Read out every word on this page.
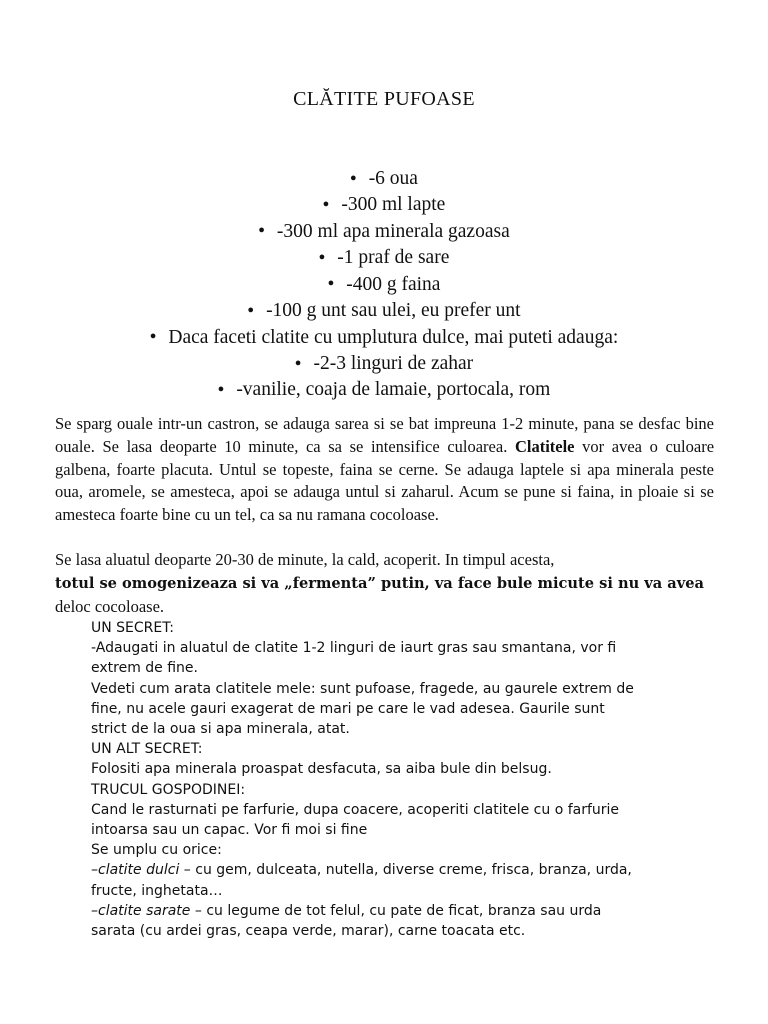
CLĂTITE PUFOASE
● -6 oua
● -300 ml lapte
● -300 ml apa minerala gazoasa
● -1 praf de sare
● -400 g faina
● -100 g unt sau ulei, eu prefer unt
● Daca faceti clatite cu umplutura dulce, mai puteti adauga:
● -2-3 linguri de zahar
● -vanilie, coaja de lamaie, portocala, rom

Se sparg ouale intr-un castron, se adauga sarea si se bat impreuna 1-2 minute, pana se desfac bine ouale. Se lasa deoparte 10 minute, ca sa se intensifice culoarea. Clatitele vor avea o culoare galbena, foarte placuta. Untul se topeste, faina se cerne. Se adauga laptele si apa minerala peste oua, aromele, se amesteca, apoi se adauga untul si zaharul. Acum se pune si faina, in ploaie si se amesteca foarte bine cu un tel, ca sa nu ramana cocoloase.

Se lasa aluatul deoparte 20-30 de minute, la cald, acoperit. In timpul acesta,
totul se omogenizeaza si va „fermenta” putin, va face bule micute si nu va avea
deloc cocoloase.

UN SECRET:
-Adaugati in aluatul de clatite 1-2 linguri de iaurt gras sau smantana, vor fi
extrem de fine.
Vedeti cum arata clatitele mele: sunt pufoase, fragede, au gaurele extrem de
fine, nu acele gauri exagerat de mari pe care le vad adesea. Gaurile sunt
strict de la oua si apa minerala, atat.
UN ALT SECRET:
Folositi apa minerala proaspat desfacuta, sa aiba bule din belsug.
TRUCUL GOSPODINEI:
Cand le rasturnati pe farfurie, dupa coacere, acoperiti clatitele cu o farfurie
intoarsa sau un capac. Vor fi moi si fine
Se umplu cu orice:
–clatite dulci – cu gem, dulceata, nutella, diverse creme, frisca, branza, urda,
fructe, inghetata…
–clatite sarate – cu legume de tot felul, cu pate de ficat, branza sau urda
sarata (cu ardei gras, ceapa verde, marar), carne toacata etc.
